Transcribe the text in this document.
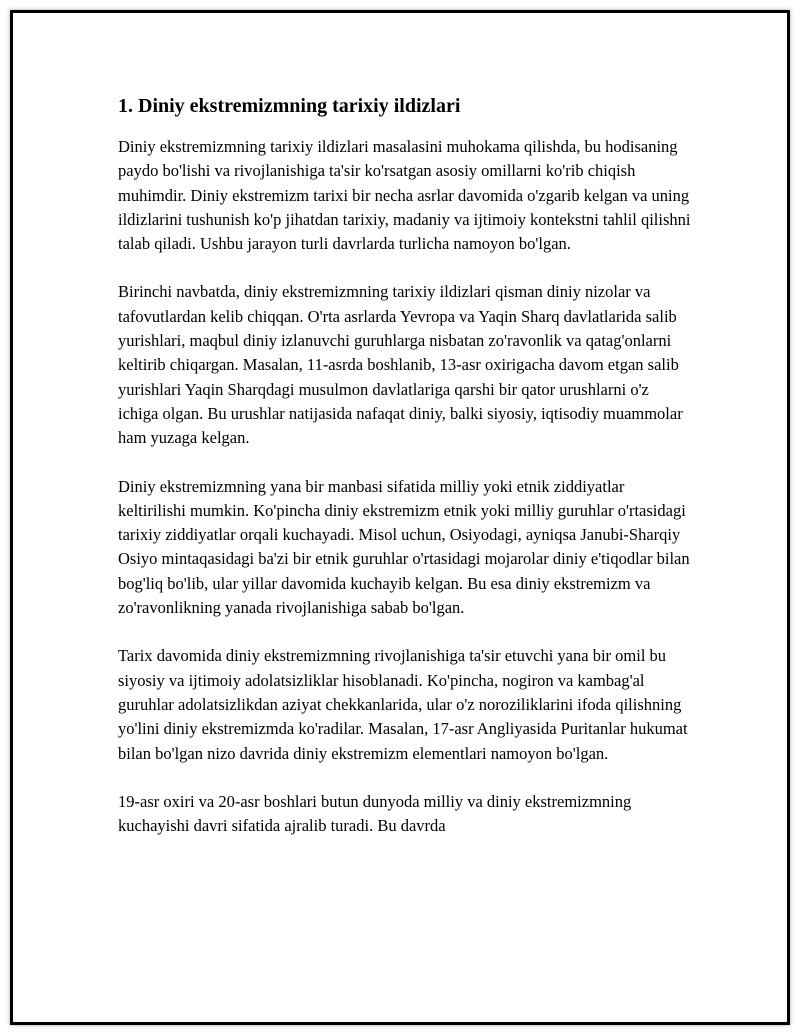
1. Diniy ekstremizmning tarixiy ildizlari

Diniy ekstremizmning tarixiy ildizlari masalasini muhokama qilishda, bu hodisaning paydo bo'lishi va rivojlanishiga ta'sir ko'rsatgan asosiy omillarni ko'rib chiqish muhimdir. Diniy ekstremizm tarixi bir necha asrlar davomida o'zgarib kelgan va uning ildizlarini tushunish ko'p jihatdan tarixiy, madaniy va ijtimoiy kontekstni tahlil qilishni talab qiladi. Ushbu jarayon turli davrlarda turlicha namoyon bo'lgan.

Birinchi navbatda, diniy ekstremizmning tarixiy ildizlari qisman diniy nizolar va tafovutlardan kelib chiqqan. O'rta asrlarda Yevropa va Yaqin Sharq davlatlarida salib yurishlari, maqbul diniy izlanuvchi guruhlarga nisbatan zo'ravonlik va qatag'onlarni keltirib chiqargan. Masalan, 11-asrda boshlanib, 13-asr oxirigacha davom etgan salib yurishlari Yaqin Sharqdagi musulmon davlatlariga qarshi bir qator urushlarni o'z ichiga olgan. Bu urushlar natijasida nafaqat diniy, balki siyosiy, iqtisodiy muammolar ham yuzaga kelgan.

Diniy ekstremizmning yana bir manbasi sifatida milliy yoki etnik ziddiyatlar keltirilishi mumkin. Ko'pincha diniy ekstremizm etnik yoki milliy guruhlar o'rtasidagi tarixiy ziddiyatlar orqali kuchayadi. Misol uchun, Osiyodagi, ayniqsa Janubi-Sharqiy Osiyo mintaqasidagi ba'zi bir etnik guruhlar o'rtasidagi mojarolar diniy e'tiqodlar bilan bog'liq bo'lib, ular yillar davomida kuchayib kelgan. Bu esa diniy ekstremizm va zo'ravonlikning yanada rivojlanishiga sabab bo'lgan.

Tarix davomida diniy ekstremizmning rivojlanishiga ta'sir etuvchi yana bir omil bu siyosiy va ijtimoiy adolatsizliklar hisoblanadi. Ko'pincha, nogiron va kambag'al guruhlar adolatsizlikdan aziyat chekkanlarida, ular o'z noroziliklarini ifoda qilishning yo'lini diniy ekstremizmda ko'radilar. Masalan, 17-asr Angliyasida Puritanlar hukumat bilan bo'lgan nizo davrida diniy ekstremizm elementlari namoyon bo'lgan.

19-asr oxiri va 20-asr boshlari butun dunyoda milliy va diniy ekstremizmning kuchayishi davri sifatida ajralib turadi. Bu davrda
